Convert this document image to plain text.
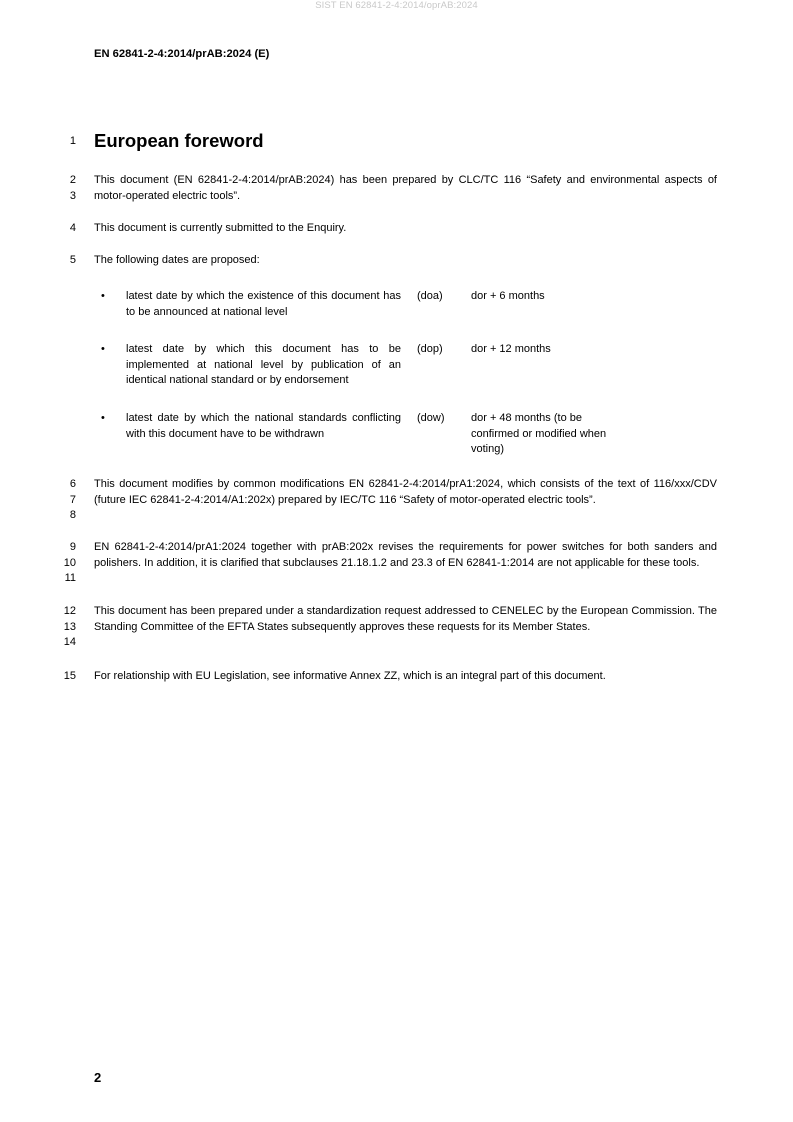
SIST EN 62841-2-4:2014/oprAB:2024
EN 62841-2-4:2014/prAB:2024 (E)
1 European foreword
2
3
This document (EN 62841-2-4:2014/prAB:2024) has been prepared by CLC/TC 116 “Safety and environmental aspects of motor-operated electric tools”.
4 This document is currently submitted to the Enquiry.
5 The following dates are proposed:
• latest date by which the existence of this document has to be announced at national level
(doa)	dor + 6 months
• latest date by which this document has to be implemented at national level by publication of an identical national standard or by endorsement
(dop)	dor + 12 months
• latest date by which the national standards conflicting with this document have to be withdrawn
(dow) dor + 48 months (to be confirmed or modified when voting)
6
7
8
This document modifies by common modifications EN 62841-2-4:2014/prA1:2024, which consists of the text of 116/xxx/CDV (future IEC 62841-2-4:2014/A1:202x) prepared by IEC/TC 116 “Safety of motor-operated electric tools”.
9
10
11
EN 62841-2-4:2014/prA1:2024 together with prAB:202x revises the requirements for power switches for both sanders and polishers. In addition, it is clarified that subclauses 21.18.1.2 and 23.3 of EN 62841-1:2014 are not applicable for these tools.
12
13
14
This document has been prepared under a standardization request addressed to CENELEC by the European Commission. The Standing Committee of the EFTA States subsequently approves these requests for its Member States.
15 For relationship with EU Legislation, see informative Annex ZZ, which is an integral part of this document.
2
